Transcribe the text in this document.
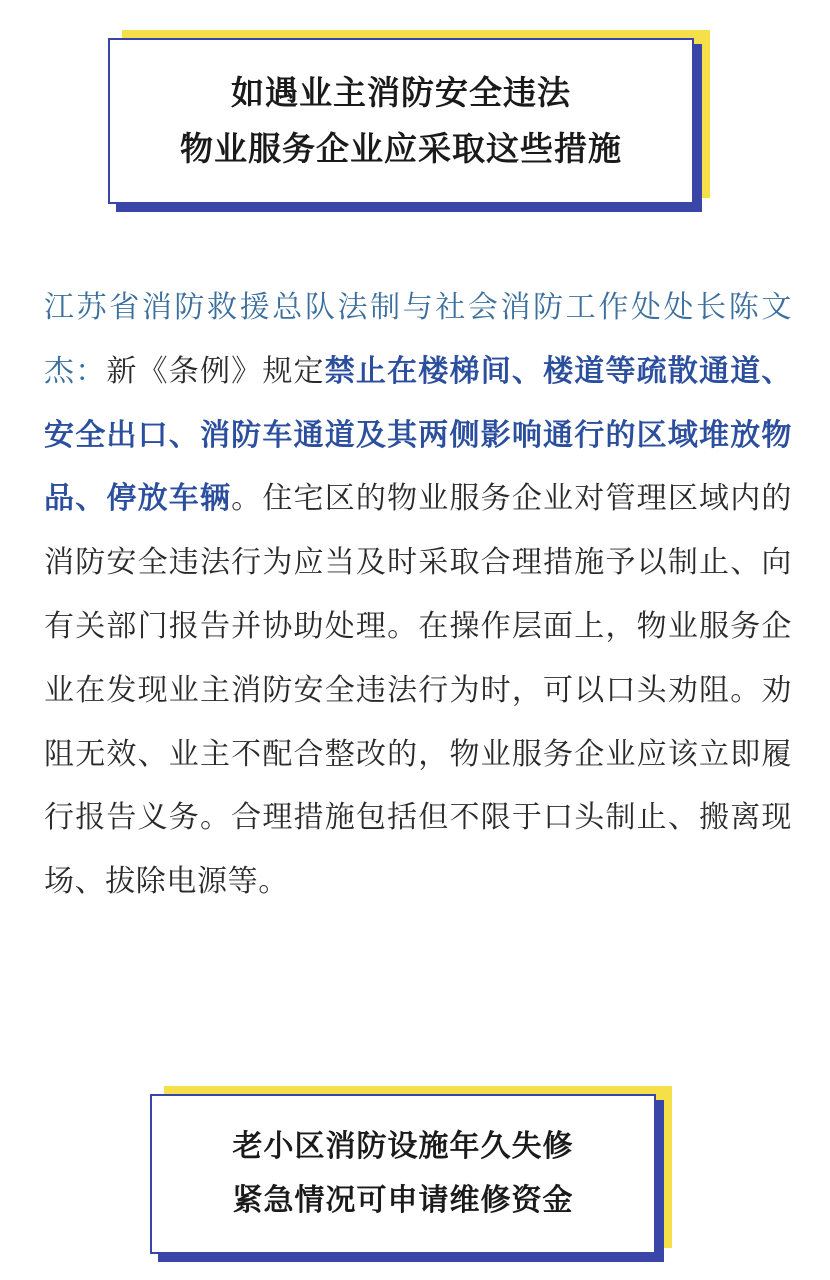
如遇业主消防安全违法
物业服务企业应采取这些措施
江苏省消防救援总队法制与社会消防工作处处长陈文杰：新《条例》规定禁止在楼梯间、楼道等疏散通道、安全出口、消防车通道及其两侧影响通行的区域堆放物品、停放车辆。住宅区的物业服务企业对管理区域内的消防安全违法行为应当及时采取合理措施予以制止、向有关部门报告并协助处理。在操作层面上，物业服务企业在发现业主消防安全违法行为时，可以口头劝阻。劝阻无效、业主不配合整改的，物业服务企业应该立即履行报告义务。合理措施包括但不限于口头制止、搬离现场、拔除电源等。
老小区消防设施年久失修
紧急情况可申请维修资金
